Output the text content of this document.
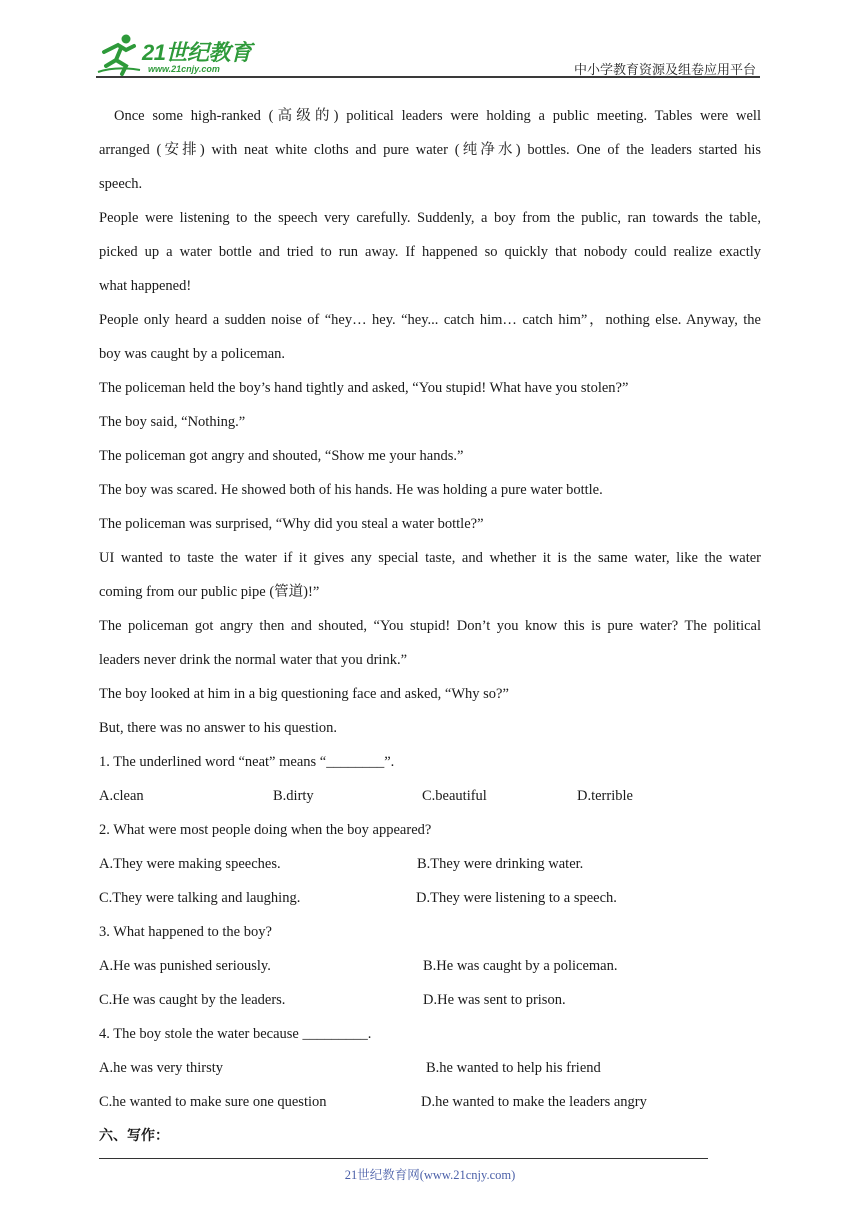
21世纪教育
www.21cnjy.com	中小学教育资源及组卷应用平台
Once some high-ranked (高级的) political leaders were holding a public meeting. Tables were well
arranged (安排) with neat white cloths and pure water (纯净水) bottles. One of the leaders started his
speech.
People were listening to the speech very carefully. Suddenly, a boy from the public, ran towards the table,
picked up a water bottle and tried to run away. If happened so quickly that nobody could realize exactly
what happened!
People only heard a sudden noise of “hey… hey. “hey... catch him… catch him”，nothing else. Anyway, the
boy was caught by a policeman.
The policeman held the boy’s hand tightly and asked, “You stupid! What have you stolen?”
The boy said, “Nothing.”
The policeman got angry and shouted, “Show me your hands.”
The boy was scared. He showed both of his hands. He was holding a pure water bottle.
The policeman was surprised, “Why did you steal a water bottle?”
UI wanted to taste the water if it gives any special taste, and whether it is the same water, like the water
coming from our public pipe (管道)!”
The policeman got angry then and shouted, “You stupid! Don’t you know this is pure water? The political
leaders never drink the normal water that you drink.”
The boy looked at him in a big questioning face and asked, “Why so?”
But, there was no answer to his question.
1. The underlined word “neat” means “________”.
A.clean	B.dirty	C.beautiful	D.terrible
2. What were most people doing when the boy appeared?
A.They were making speeches.	B.They were drinking water.
C.They were talking and laughing.	D.They were listening to a speech.
3. What happened to the boy?
A.He was punished seriously.	B.He was caught by a policeman.
C.He was caught by the leaders.	D.He was sent to prison.
4. The boy stole the water because _________.
A.he was very thirsty	B.he wanted to help his friend
C.he wanted to make sure one question	D.he wanted to make the leaders angry
六、写作：
21世纪教育网(www.21cnjy.com)
